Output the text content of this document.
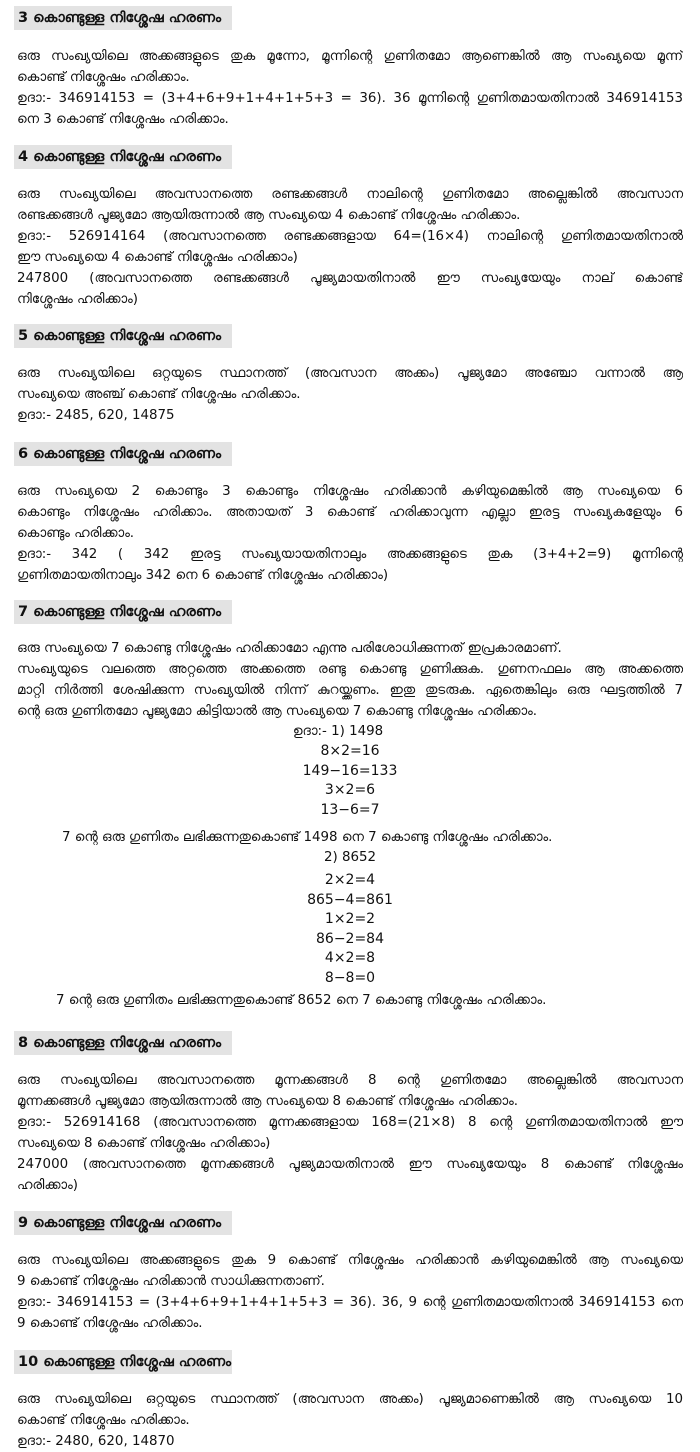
3 കൊണ്ടുള്ള നിശ്ശേഷ ഹരണം
ഒരു സംഖ്യയിലെ അക്കങ്ങളുടെ തുക മൂന്നോ, മൂന്നിന്റെ ഗുണിതമോ ആണെങ്കിൽ ആ സംഖ്യയെ മൂന്ന്
കൊണ്ട് നിശ്ശേഷം ഹരിക്കാം.
ഉദാ:- 346914153 = (3+4+6+9+1+4+1+5+3 = 36). 36 മൂന്നിന്റെ ഗുണിതമായതിനാൽ 346914153
നെ 3 കൊണ്ട് നിശ്ശേഷം ഹരിക്കാം.
4 കൊണ്ടുള്ള നിശ്ശേഷ ഹരണം
ഒരു സംഖ്യയിലെ അവസാനത്തെ രണ്ടക്കങ്ങൾ നാലിന്റെ ഗുണിതമോ അല്ലെങ്കിൽ അവസാന
രണ്ടക്കങ്ങൾ പൂജ്യമോ ആയിരുന്നാൽ ആ സംഖ്യയെ 4 കൊണ്ട് നിശ്ശേഷം ഹരിക്കാം.
ഉദാ:- 526914164 (അവസാനത്തെ രണ്ടക്കങ്ങളായ 64=(16×4) നാലിന്റെ ഗുണിതമായതിനാൽ
ഈ സംഖ്യയെ 4 കൊണ്ട് നിശ്ശേഷം ഹരിക്കാം)
247800 (അവസാനത്തെ രണ്ടക്കങ്ങൾ പൂജ്യമായതിനാൽ ഈ സംഖ്യയേയും നാല് കൊണ്ട്
നിശ്ശേഷം ഹരിക്കാം)
5 കൊണ്ടുള്ള നിശ്ശേഷ ഹരണം
ഒരു സംഖ്യയിലെ ഒറ്റയുടെ സ്ഥാനത്ത് (അവസാന അക്കം) പൂജ്യമോ അഞ്ചോ വന്നാൽ ആ
സംഖ്യയെ അഞ്ച് കൊണ്ട് നിശ്ശേഷം ഹരിക്കാം.
ഉദാ:- 2485, 620, 14875
6 കൊണ്ടുള്ള നിശ്ശേഷ ഹരണം
ഒരു സംഖ്യയെ 2 കൊണ്ടും 3 കൊണ്ടും നിശ്ശേഷം ഹരിക്കാൻ കഴിയുമെങ്കിൽ ആ സംഖ്യയെ 6
കൊണ്ടും നിശ്ശേഷം ഹരിക്കാം. അതായത് 3 കൊണ്ട് ഹരിക്കാവുന്ന എല്ലാ ഇരട്ട സംഖ്യകളേയും 6
കൊണ്ടും ഹരിക്കാം.
ഉദാ:- 342 ( 342 ഇരട്ട സംഖ്യയായതിനാലും അക്കങ്ങളുടെ തുക (3+4+2=9) മൂന്നിന്റെ
ഗുണിതമായതിനാലും 342 നെ 6 കൊണ്ട് നിശ്ശേഷം ഹരിക്കാം)
7 കൊണ്ടുള്ള നിശ്ശേഷ ഹരണം
ഒരു സംഖ്യയെ 7 കൊണ്ടു നിശ്ശേഷം ഹരിക്കാമോ എന്നു പരിശോധിക്കുന്നത് ഇപ്രകാരമാണ്.
സംഖ്യയുടെ വലത്തെ അറ്റത്തെ അക്കത്തെ രണ്ടു കൊണ്ടു ഗുണിക്കുക. ഗുണനഫലം ആ അക്കത്തെ
മാറ്റി നിർത്തി ശേഷിക്കുന്ന സംഖ്യയിൽ നിന്ന് കുറയ്ക്കണം. ഇതു തുടരുക. ഏതെങ്കിലും ഒരു ഘട്ടത്തിൽ 7
ന്റെ ഒരു ഗുണിതമോ പൂജ്യമോ കിട്ടിയാൽ ആ സംഖ്യയെ 7 കൊണ്ടു നിശ്ശേഷം ഹരിക്കാം.
ഉദാ:- 1) 1498
8×2=16
149−16=133
3×2=6
13−6=7
7 ന്റെ ഒരു ഗുണിതം ലഭിക്കുന്നതുകൊണ്ട് 1498 നെ 7 കൊണ്ടു നിശ്ശേഷം ഹരിക്കാം.
2) 8652
2×2=4
865−4=861
1×2=2
86−2=84
4×2=8
8−8=0
7 ന്റെ ഒരു ഗുണിതം ലഭിക്കുന്നതുകൊണ്ട് 8652 നെ 7 കൊണ്ടു നിശ്ശേഷം ഹരിക്കാം.
8 കൊണ്ടുള്ള നിശ്ശേഷ ഹരണം
ഒരു സംഖ്യയിലെ അവസാനത്തെ മൂന്നക്കങ്ങൾ 8 ന്റെ ഗുണിതമോ അല്ലെങ്കിൽ അവസാന
മൂന്നക്കങ്ങൾ പൂജ്യമോ ആയിരുന്നാൽ ആ സംഖ്യയെ 8 കൊണ്ട് നിശ്ശേഷം ഹരിക്കാം.
ഉദാ:- 526914168 (അവസാനത്തെ മൂന്നക്കങ്ങളായ 168=(21×8) 8 ന്റെ ഗുണിതമായതിനാൽ ഈ
സംഖ്യയെ 8 കൊണ്ട് നിശ്ശേഷം ഹരിക്കാം)
247000 (അവസാനത്തെ മൂന്നക്കങ്ങൾ പൂജ്യമായതിനാൽ ഈ സംഖ്യയേയും 8 കൊണ്ട് നിശ്ശേഷം
ഹരിക്കാം)
9 കൊണ്ടുള്ള നിശ്ശേഷ ഹരണം
ഒരു സംഖ്യയിലെ അക്കങ്ങളുടെ തുക 9 കൊണ്ട് നിശ്ശേഷം ഹരിക്കാൻ കഴിയുമെങ്കിൽ ആ സംഖ്യയെ
9 കൊണ്ട് നിശ്ശേഷം ഹരിക്കാൻ സാധിക്കുന്നതാണ്.
ഉദാ:- 346914153 = (3+4+6+9+1+4+1+5+3 = 36). 36, 9 ന്റെ ഗുണിതമായതിനാൽ 346914153 നെ
9 കൊണ്ട് നിശ്ശേഷം ഹരിക്കാം.
10 കൊണ്ടുള്ള നിശ്ശേഷ ഹരണം
ഒരു സംഖ്യയിലെ ഒറ്റയുടെ സ്ഥാനത്ത് (അവസാന അക്കം) പൂജ്യമാണെങ്കിൽ ആ സംഖ്യയെ 10
കൊണ്ട് നിശ്ശേഷം ഹരിക്കാം.
ഉദാ:- 2480, 620, 14870
